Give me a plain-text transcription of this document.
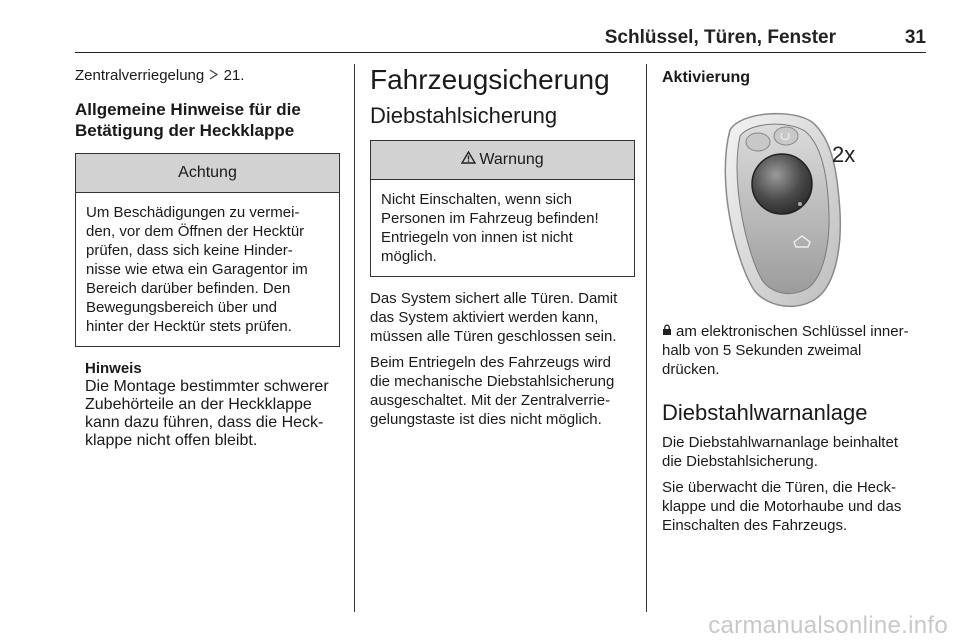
Schlüssel, Türen, Fenster	31
Zentralverriegelung 21.
Allgemeine Hinweise für die
Betätigung der Heckklappe
Achtung
Um Beschädigungen zu vermei-
den, vor dem Öffnen der Hecktür
prüfen, dass sich keine Hinder-
nisse wie etwa ein Garagentor im
Bereich darüber befinden. Den
Bewegungsbereich über und
hinter der Hecktür stets prüfen.
Hinweis
Die Montage bestimmter schwerer
Zubehörteile an der Heckklappe
kann dazu führen, dass die Heck-
klappe nicht offen bleibt.
Fahrzeugsicherung
Diebstahlsicherung
Warnung
Nicht Einschalten, wenn sich
Personen im Fahrzeug befinden!
Entriegeln von innen ist nicht
möglich.
Das System sichert alle Türen. Damit
das System aktiviert werden kann,
müssen alle Türen geschlossen sein.
Beim Entriegeln des Fahrzeugs wird
die mechanische Diebstahlsicherung
ausgeschaltet. Mit der Zentralverrie-
gelungstaste ist dies nicht möglich.
Aktivierung
2x
am elektronischen Schlüssel inner-
halb von 5 Sekunden zweimal
drücken.
Diebstahlwarnanlage
Die Diebstahlwarnanlage beinhaltet
die Diebstahlsicherung.
Sie überwacht die Türen, die Heck-
klappe und die Motorhaube und das
Einschalten des Fahrzeugs.
carmanualsonline.info
